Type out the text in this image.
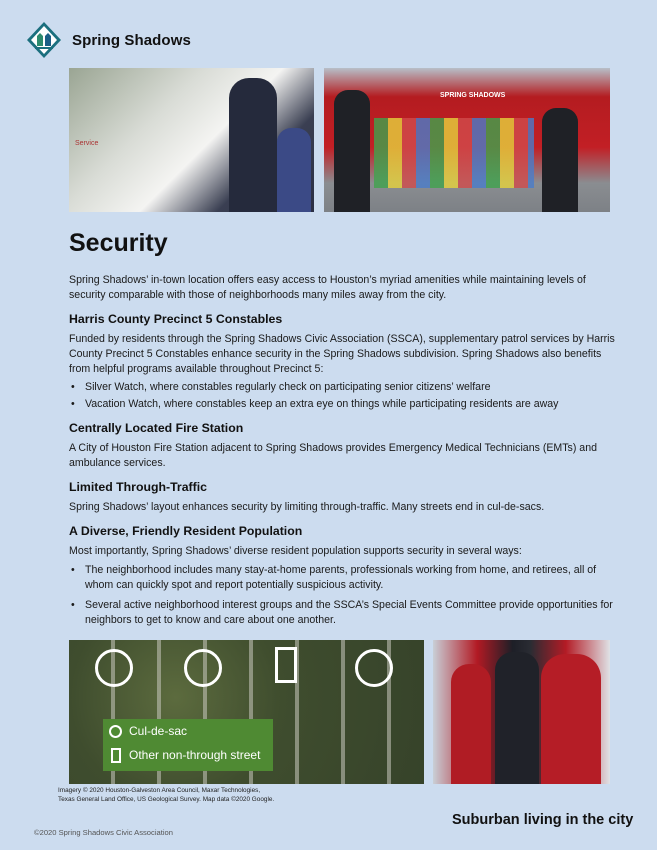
Spring Shadows
Service
SPRING SHADOWS
Security

Spring Shadows’ in-town location offers easy access to Houston’s myriad amenities while maintaining levels of security comparable with those of neighborhoods many miles away from the city.

Harris County Precinct 5 Constables

Funded by residents through the Spring Shadows Civic Association (SSCA), supplementary patrol services by Harris County Precinct 5 Constables enhance security in the Spring Shadows subdivision. Spring Shadows also benefits from helpful programs available throughout Precinct 5:

• Silver Watch, where constables regularly check on participating senior citizens’ welfare
• Vacation Watch, where constables keep an extra eye on things while participating residents are away
Centrally Located Fire Station

A City of Houston Fire Station adjacent to Spring Shadows provides Emergency Medical Technicians (EMTs) and ambulance services.

Limited Through-Traffic

Spring Shadows’ layout enhances security by limiting through-traffic. Many streets end in cul-de-sacs.

A Diverse, Friendly Resident Population

Most importantly, Spring Shadows’ diverse resident population supports security in several ways:

• The neighborhood includes many stay-at-home parents, professionals working from home, and retirees, all of whom can quickly spot and report potentially suspicious activity.
• Several active neighborhood interest groups and the SSCA’s Special Events Committee provide opportunities for neighbors to get to know and care about one another.
Cul-de-sac
Other non-through street
Imagery © 2020 Houston-Galveston Area Council, Maxar Technologies,
Texas General Land Office, US Geological Survey. Map data ©2020 Google.
Suburban living in the city
©2020 Spring Shadows Civic Association
